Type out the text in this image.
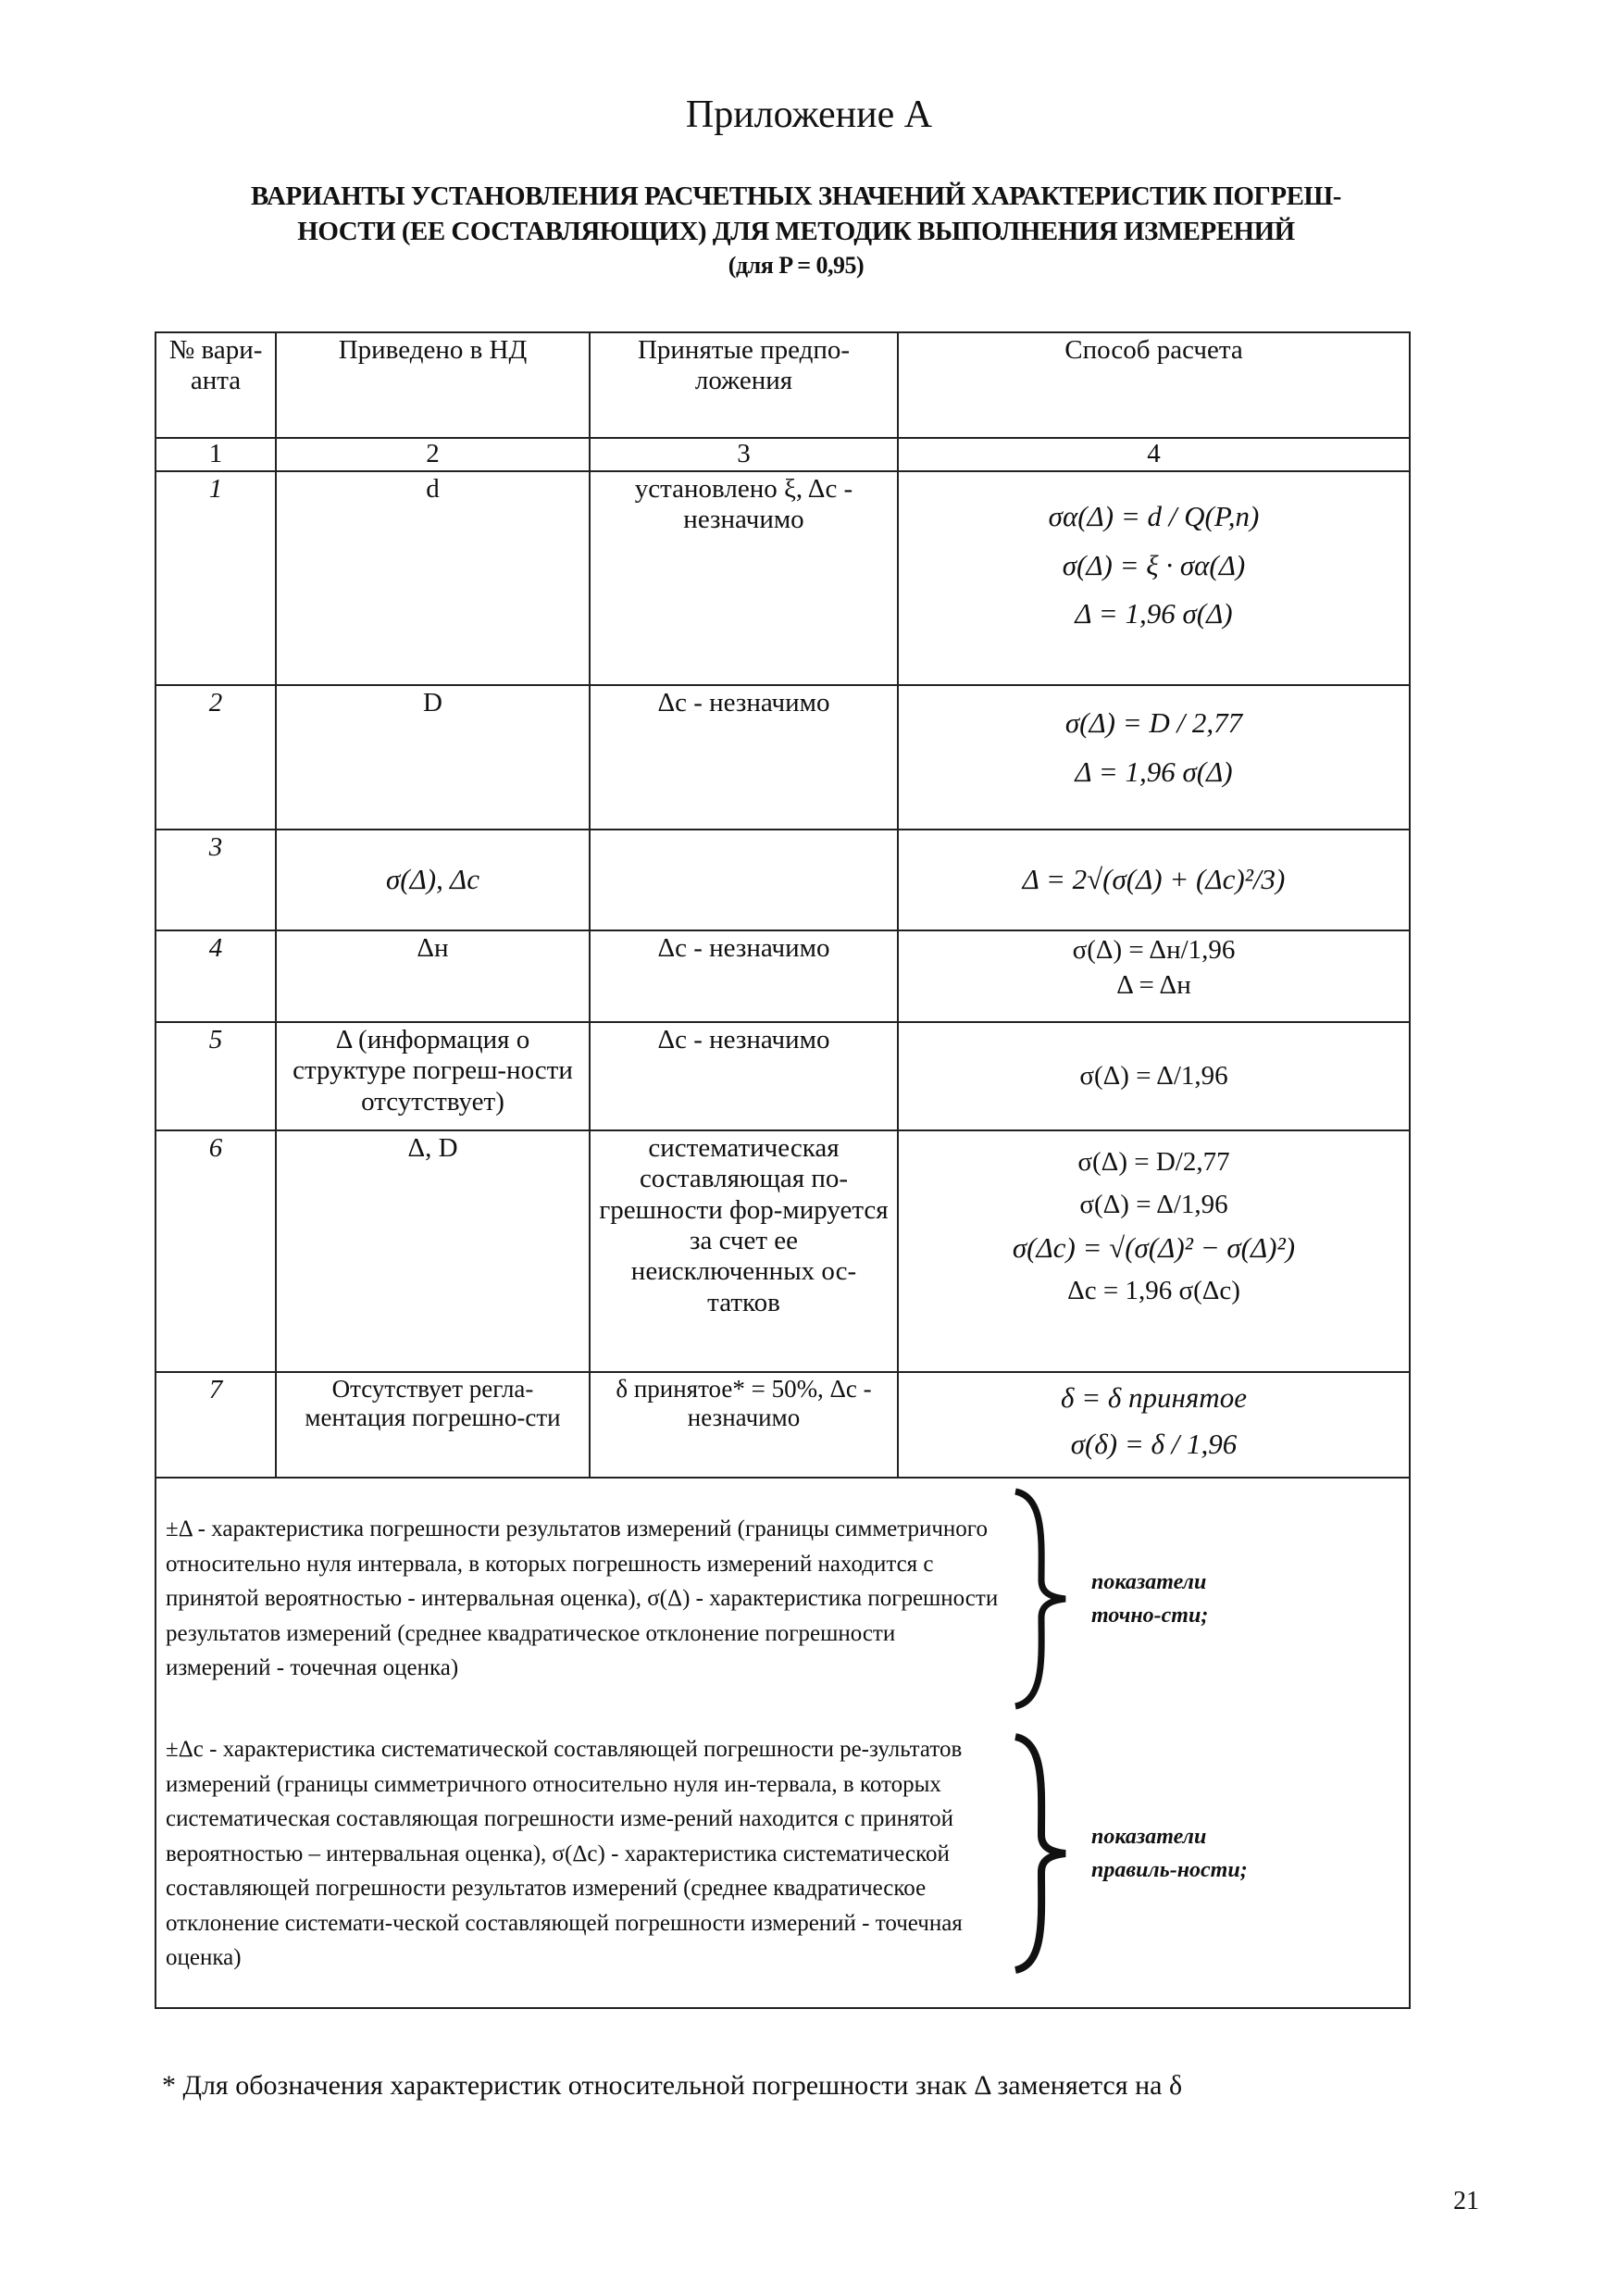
Приложение А
ВАРИАНТЫ УСТАНОВЛЕНИЯ РАСЧЕТНЫХ ЗНАЧЕНИЙ ХАРАКТЕРИСТИК ПОГРЕШ-
НОСТИ (ЕЕ СОСТАВЛЯЮЩИХ) ДЛЯ МЕТОДИК ВЫПОЛНЕНИЯ ИЗМЕРЕНИЙ
(для P = 0,95)
№ вари-анта	Приведено в НД	Принятые предпо-ложения	Способ расчета
1	2	3	4
1	d	установлено ξ, Δс - незначимо	σα(Δ) = d / Q(P,n)
σ(Δ) = ξ · σα(Δ)
Δ = 1,96 σ(Δ)

2	D	Δс - незначимо	σ(Δ) = D / 2,77
Δ = 1,96 σ(Δ)

3	σ(Δ), Δс		Δ = 2√(σ(Δ) + (Δс)²/3)
4	Δн	Δс - незначимо	σ(Δ) = Δн/1,96
Δ = Δн

5	Δ (информация о структуре погреш-ности отсутствует)	Δс - незначимо	σ(Δ) = Δ/1,96
6	Δ, D	систематическая составляющая по-грешности фор-мируется за счет ее неисключенных ос-татков	σ(Δ) = D/2,77
σ(Δ) = Δ/1,96
σ(Δс) = √(σ(Δ)² − σ(Δ)²)
Δс = 1,96 σ(Δс)

7	Отсутствует регла-ментация погрешно-сти	δ принятое* = 50%, Δс - незначимо	δ = δ принятое
σ(δ) = δ / 1,96

±Δ - характеристика погрешности результатов измерений (границы симметричного относительно нуля интервала, в которых погрешность измерений находится с принятой вероятностью - интервальная оценка), σ(Δ) - характеристика погрешности результатов измерений (среднее квадратическое отклонение погрешности измерений - точечная оценка)
показатели точно-сти;
±Δс - характеристика систематической составляющей погрешности ре-зультатов измерений (границы симметричного относительно нуля ин-тервала, в которых систематическая составляющая погрешности изме-рений находится с принятой вероятностью – интервальная оценка), σ(Δс) - характеристика систематической составляющей погрешности результатов измерений (среднее квадратическое отклонение системати-ческой составляющей погрешности измерений - точечная оценка)
показатели правиль-ности;			
* Для обозначения характеристик относительной погрешности знак Δ заменяется на δ
21
